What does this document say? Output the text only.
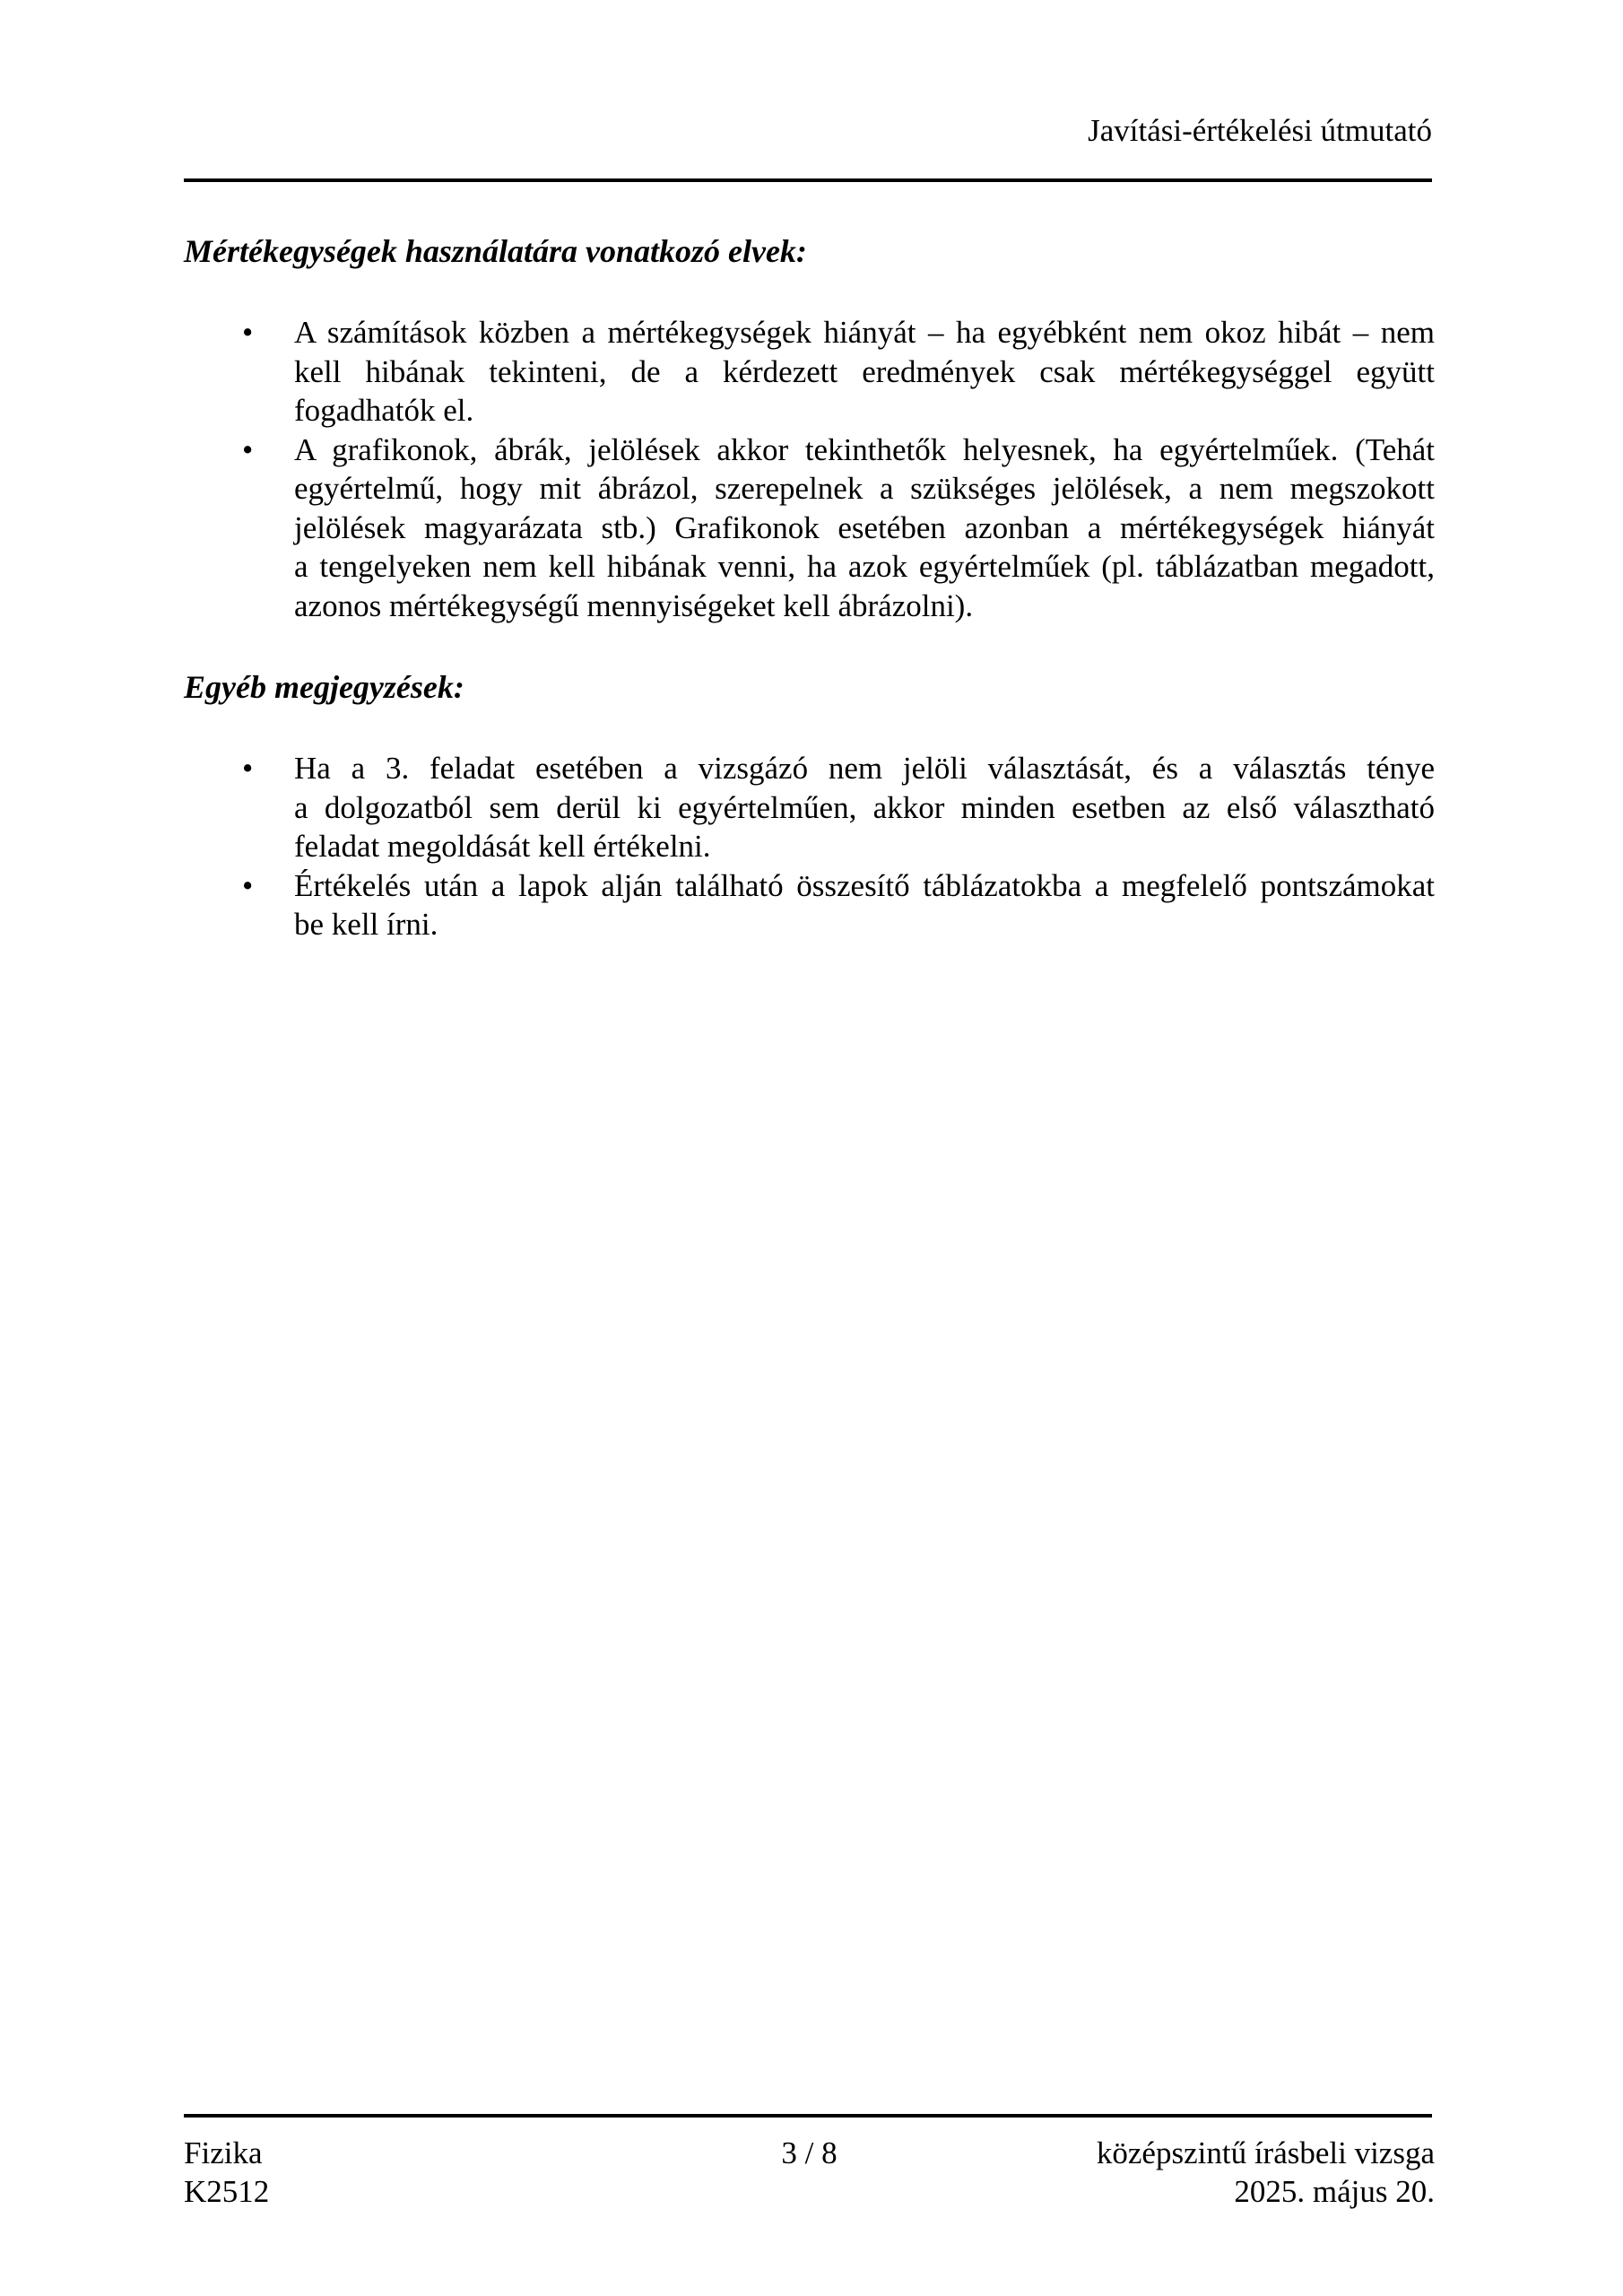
Javítási-értékelési útmutató
Mértékegységek használatára vonatkozó elvek:
• A számítások közben a mértékegységek hiányát – ha egyébként nem okoz hibát – nem
kell hibának tekinteni, de a kérdezett eredmények csak mértékegységgel együtt
fogadhatók el.
• A grafikonok, ábrák, jelölések akkor tekinthetők helyesnek, ha egyértelműek. (Tehát
egyértelmű, hogy mit ábrázol, szerepelnek a szükséges jelölések, a nem megszokott
jelölések magyarázata stb.) Grafikonok esetében azonban a mértékegységek hiányát
a tengelyeken nem kell hibának venni, ha azok egyértelműek (pl. táblázatban megadott,
azonos mértékegységű mennyiségeket kell ábrázolni).
Egyéb megjegyzések:
• Ha a 3. feladat esetében a vizsgázó nem jelöli választását, és a választás ténye
a dolgozatból sem derül ki egyértelműen, akkor minden esetben az első választható
feladat megoldását kell értékelni.
• Értékelés után a lapok alján található összesítő táblázatokba a megfelelő pontszámokat
be kell írni.
Fizika
K2512
3 / 8	középszintű írásbeli vizsga
2025. május 20.
